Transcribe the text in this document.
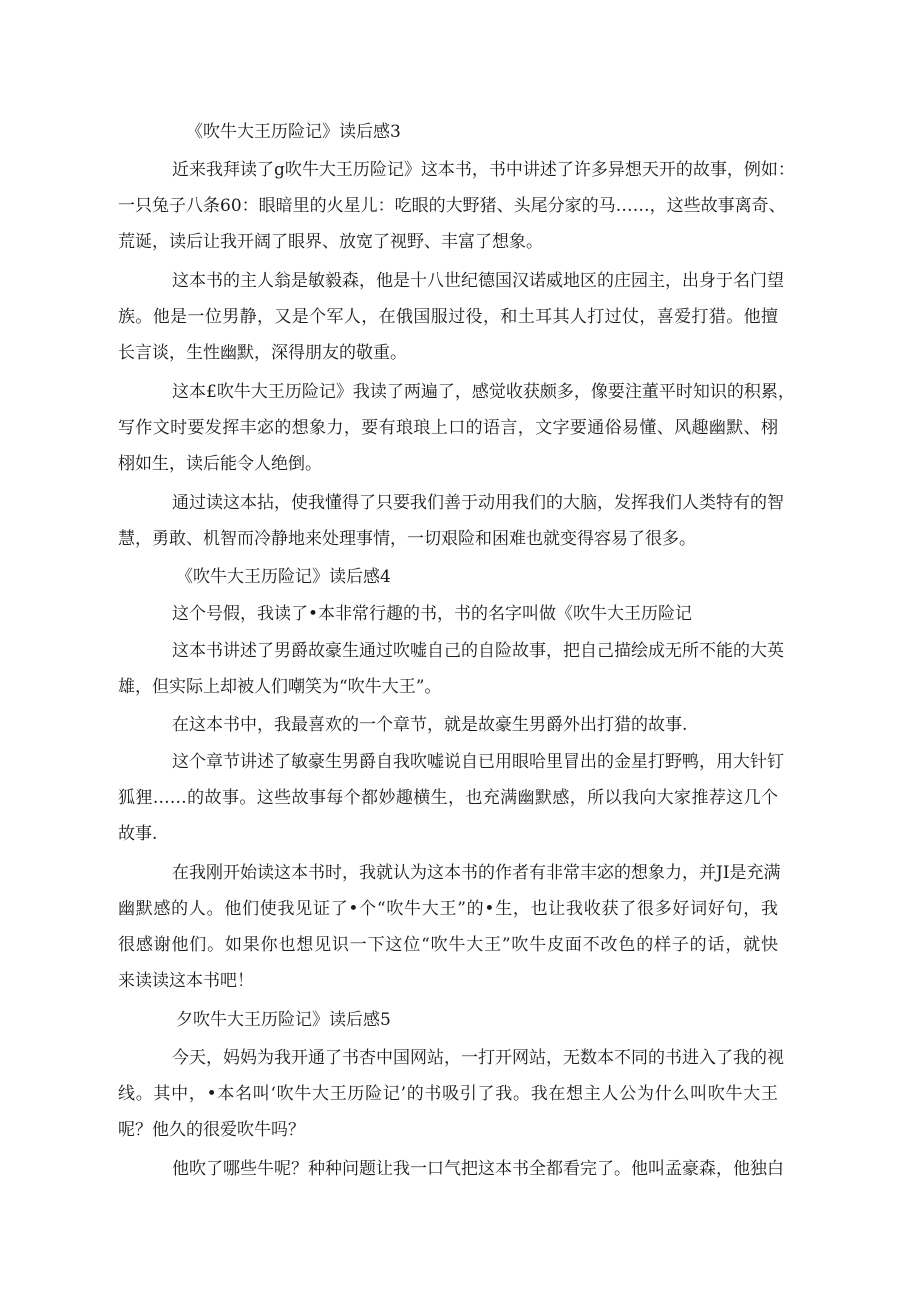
《吹牛大王历险记》读后感3
近来我拜读了g吹牛大王历险记》这本书，书中讲述了许多异想天开的故事，例如：
一只兔子八条60：眼暗里的火星儿：吃眼的大野猪、头尾分家的马……，这些故事离奇、
荒诞，读后让我开阔了眼界、放宽了视野、丰富了想象。
这本书的主人翁是敏毅森，他是十八世纪德国汉诺威地区的庄园主，出身于名门望
族。他是一位男静，又是个军人，在俄国服过役，和土耳其人打过仗，喜爱打猎。他擅
长言谈，生性幽默，深得朋友的敬重。
这本£吹牛大王历险记》我读了两遍了，感觉收获颇多，像要注董平时知识的积累，
写作文时要发挥丰宓的想象力，要有琅琅上口的语言，文字要通俗易懂、风趣幽默、栩
栩如生，读后能令人绝倒。
通过读这本拈，使我懂得了只要我们善于动用我们的大脑，发挥我们人类特有的智
慧，勇敢、机智而冷静地来处理事情，一切艰险和困难也就变得容易了很多。
《吹牛大王历险记》读后感4
这个号假，我读了•本非常行趣的书，书的名字叫做《吹牛大王历险记
这本书讲述了男爵故豪生通过吹嘘自己的自险故事，把自己描绘成无所不能的大英
雄，但实际上却被人们嘲笑为“吹牛大王”。
在这本书中，我最喜欢的一个章节，就是故豪生男爵外出打猎的故事.
这个章节讲述了敏豪生男爵自我吹嘘说自已用眼哈里冒出的金星打野鸭，用大针钉
狐狸……的故事。这些故事每个都妙趣横生，也充满幽默感，所以我向大家推荐这几个
故事.
在我刚开始读这本书时，我就认为这本书的作者有非常丰宓的想象力，并JI是充满
幽默感的人。他们使我见证了•个“吹牛大王”的•生，也让我收获了很多好词好句，我
很感谢他们。如果你也想见识一下这位“吹牛大王”吹牛皮面不改色的样子的话，就快
来读读这本书吧！
夕吹牛大王历险记》读后感5
今天，妈妈为我开通了书杏中国网站，一打开网站，无数本不同的书进入了我的视
线。其中，•本名叫‘吹牛大王历险记’的书吸引了我。我在想主人公为什么叫吹牛大王
呢？他久的很爱吹牛吗？
他吹了哪些牛呢？种种问题让我一口气把这本书全都看完了。他叫孟豪森，他独白
